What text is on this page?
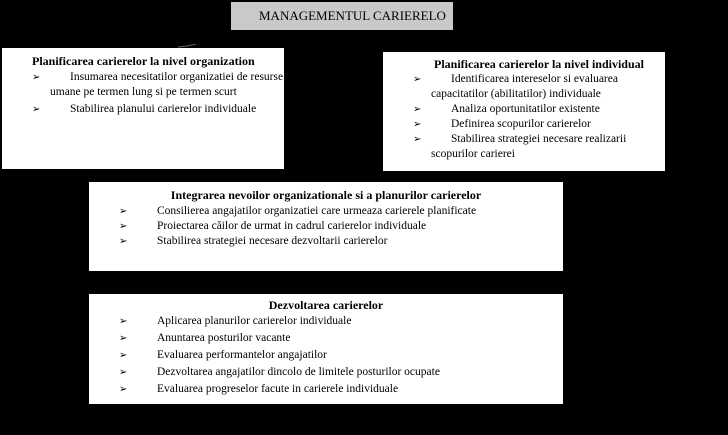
MANAGEMENTUL CARIERELO
Planificarea carierelor la nivel organization
➢	Insumarea necesitatilor organizatiei de resurse umane pe termen lung si pe termen scurt
➢	Stabilirea planului carierelor individuale
Planificarea carierelor la nivel individual
➢	Identificarea intereselor si evaluarea capacitatilor (abilitatilor) individuale
➢	Analiza oportunitatilor existente
➢	Definirea scopurilor carierelor
➢	Stabilirea strategiei necesare realizarii scopurilor carierei
Integrarea nevoilor organizationale si a planurilor carierelor
➢	Consilierea angajatilor organizatiei care urmeaza carierele planificate
➢	Proiectarea căilor de urmat in cadrul carierelor individuale
➢	Stabilirea strategiei necesare dezvoltarii carierelor
Dezvoltarea carierelor
➢	Aplicarea planurilor carierelor individuale
➢	Anuntarea posturilor vacante
➢	Evaluarea performantelor angajatilor
➢	Dezvoltarea angajatilor dincolo de limitele posturilor ocupate
➢	Evaluarea progreselor facute in carierele individuale
